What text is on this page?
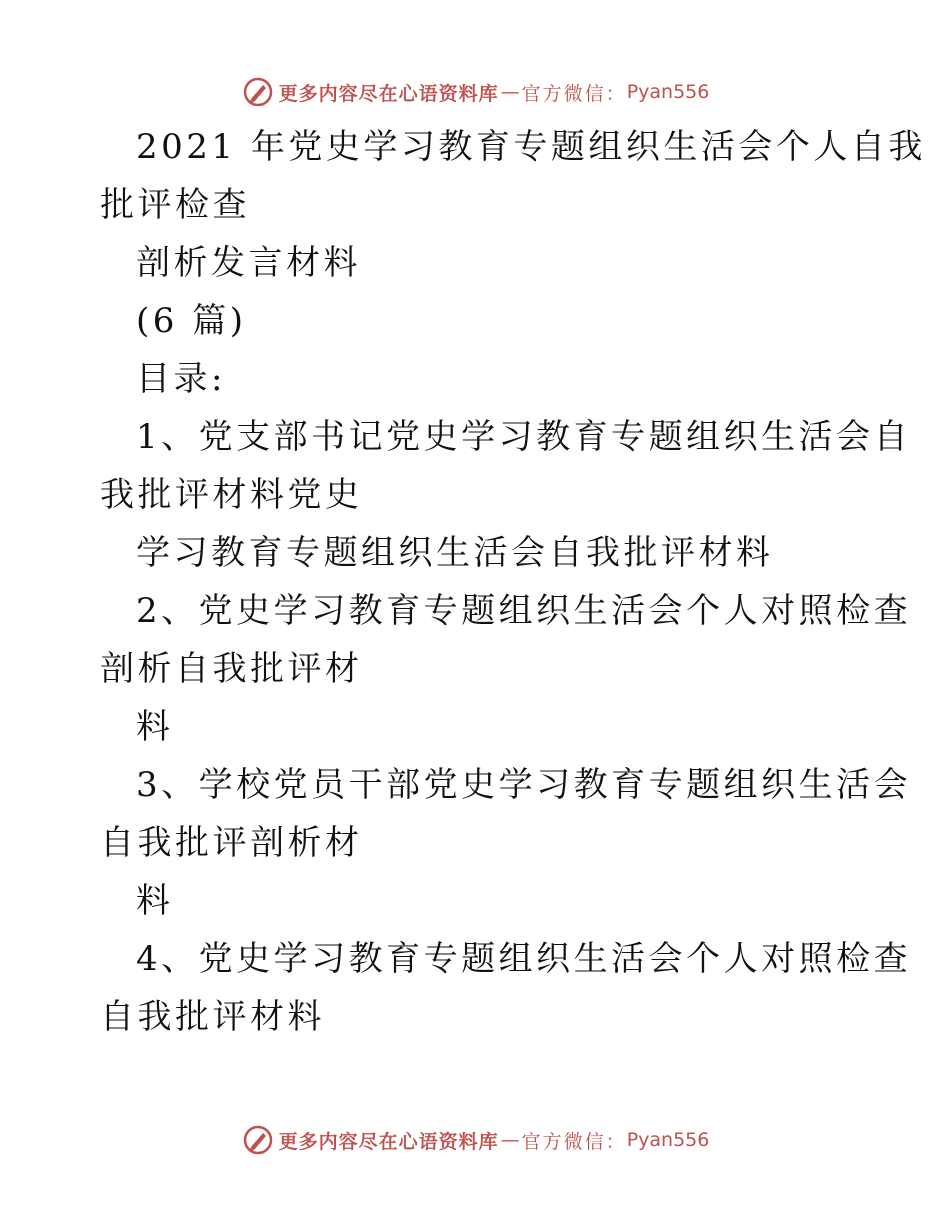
更多内容尽在心语资料库 — 官方微信： Pyan556
2021 年党史学习教育专题组织生活会个人自我
批评检查
剖析发言材料
(6 篇)
目录:
1、党支部书记党史学习教育专题组织生活会自
我批评材料党史
学习教育专题组织生活会自我批评材料
2、党史学习教育专题组织生活会个人对照检查
剖析自我批评材
料
3、学校党员干部党史学习教育专题组织生活会
自我批评剖析材
料
4、党史学习教育专题组织生活会个人对照检查
自我批评材料
更多内容尽在心语资料库 — 官方微信： Pyan556
